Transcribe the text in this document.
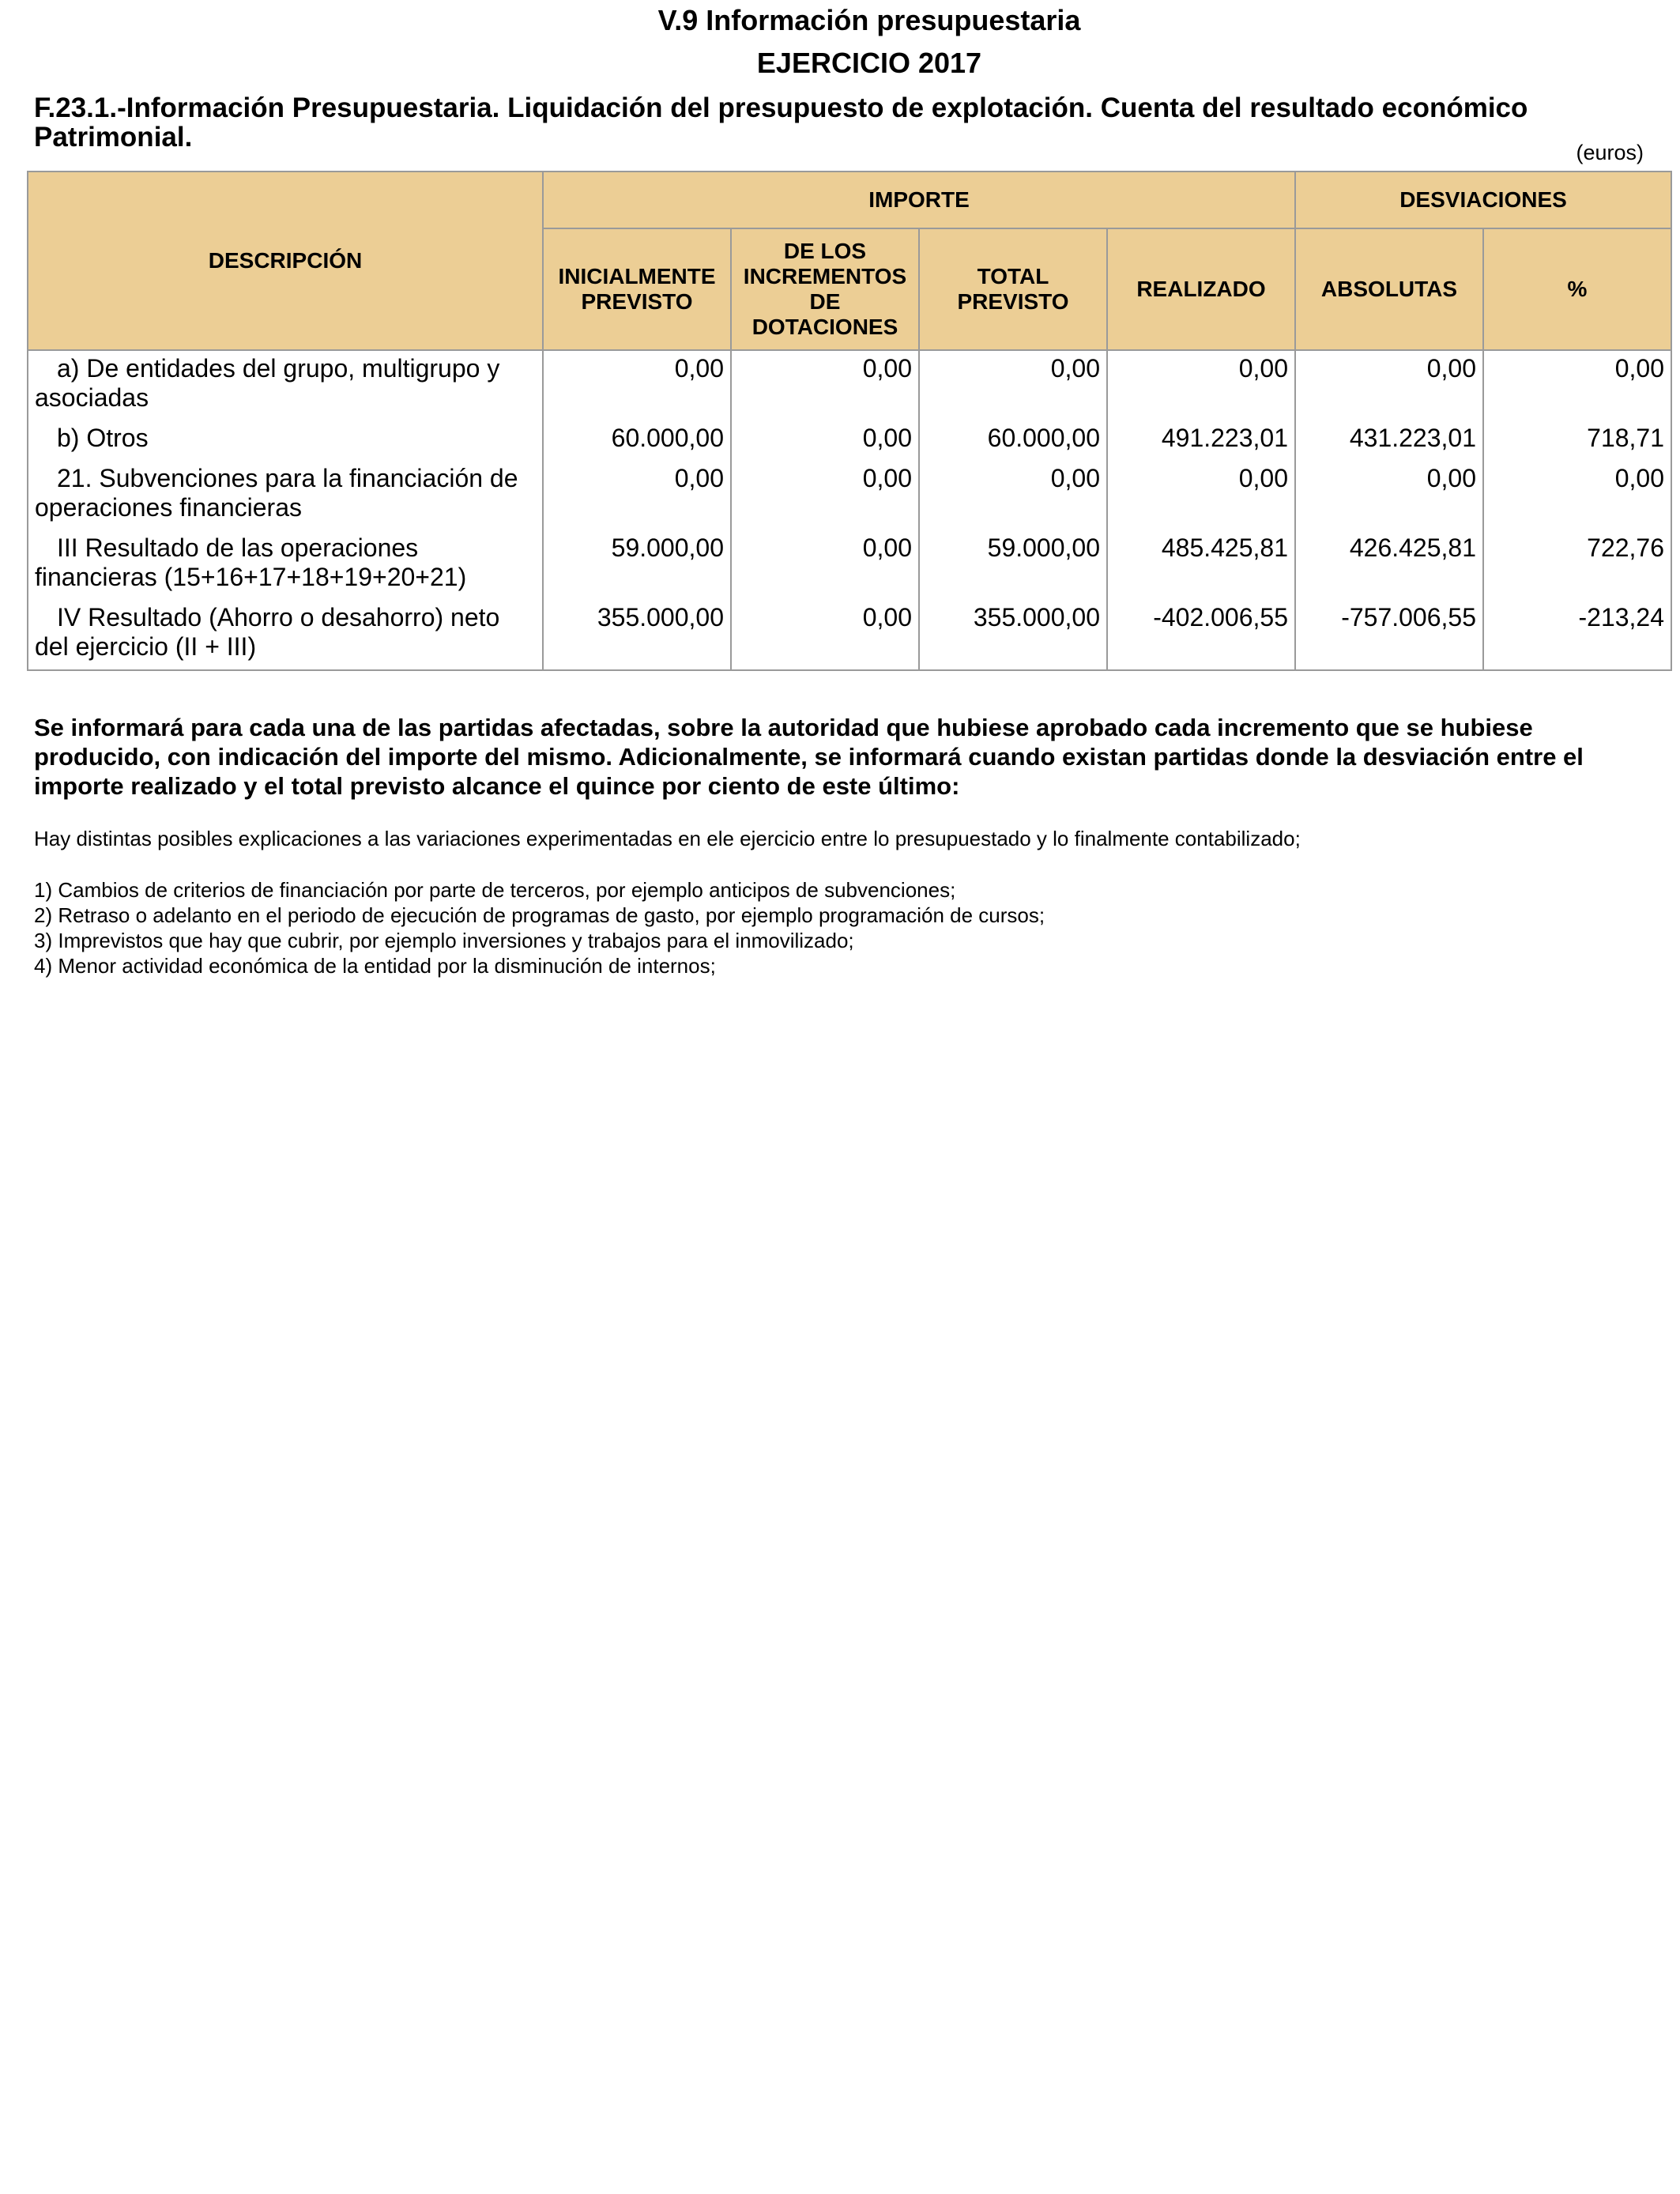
V.9 Información presupuestaria
EJERCICIO 2017
F.23.1.-Información Presupuestaria. Liquidación del presupuesto de explotación. Cuenta del resultado económico Patrimonial.	(euros)
DESCRIPCIÓN	IMPORTE				DESVIACIONES	
	INICIALMENTE PREVISTO	DE LOS INCREMENTOS DE DOTACIONES	TOTAL PREVISTO	REALIZADO	ABSOLUTAS	%
a) De entidades del grupo, multigrupo y asociadas	0,00	0,00	0,00	0,00	0,00	0,00
b) Otros	60.000,00	0,00	60.000,00	491.223,01	431.223,01	718,71
21. Subvenciones para la financiación de operaciones financieras	0,00	0,00	0,00	0,00	0,00	0,00
III Resultado de las operaciones financieras (15+16+17+18+19+20+21)	59.000,00	0,00	59.000,00	485.425,81	426.425,81	722,76
IV Resultado (Ahorro o desahorro) neto del ejercicio (II + III)	355.000,00	0,00	355.000,00	-402.006,55	-757.006,55	-213,24
Se informará para cada una de las partidas afectadas, sobre la autoridad que hubiese aprobado cada incremento que se hubiese producido, con indicación del importe del mismo. Adicionalmente, se informará cuando existan partidas donde la desviación entre el importe realizado y el total previsto alcance el quince por ciento de este último:
Hay distintas posibles explicaciones a las variaciones experimentadas en ele ejercicio entre lo presupuestado y lo finalmente contabilizado;
1) Cambios de criterios de financiación por parte de terceros, por ejemplo anticipos de subvenciones;
2) Retraso o adelanto en el periodo de ejecución de programas de gasto, por ejemplo programación de cursos;
3) Imprevistos que hay que cubrir, por ejemplo inversiones y trabajos para el inmovilizado;
4) Menor actividad económica de la entidad por la disminución de internos;
